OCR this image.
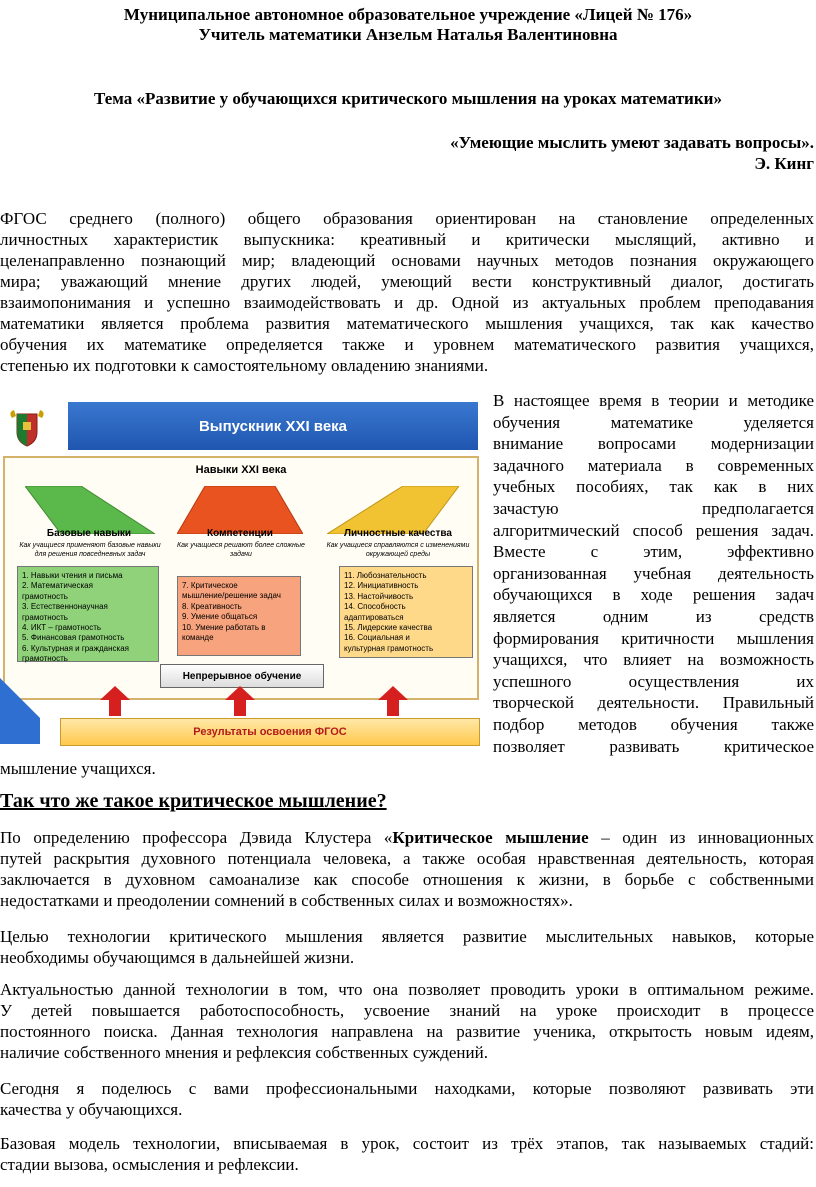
Муниципальное автономное образовательное учреждение «Лицей № 176»
Учитель математики Анзельм Наталья Валентиновна
Тема «Развитие у обучающихся критического мышления на уроках математики»
«Умеющие мыслить умеют задавать вопросы».
Э. Кинг
ФГОС среднего (полного) общего образования ориентирован на становление определенных
личностных характеристик выпускника: креативный и критически мыслящий, активно и
целенаправленно познающий мир; владеющий основами научных методов познания окружающего
мира; уважающий мнение других людей, умеющий вести конструктивный диалог, достигать
взаимопонимания и успешно взаимодействовать и др. Одной из актуальных проблем преподавания
математики является проблема развития математического мышления учащихся, так как качество
обучения их математике определяется также и уровнем математического развития учащихся,
степенью их подготовки к самостоятельному овладению знаниями.
Выпускник XXI века
Навыки XXI века
Базовые навыки
Как учащиеся применяют базовые навыки для решения повседневных задач
Компетенции
Как учащиеся решают более сложные задачи
Личностные качества
Как учащиеся справляются с изменениями окружающей среды
1. Навыки чтения и письма
2. Математическая
грамотность
3. Естественнонаучная
грамотность
4. ИКТ – грамотность
5. Финансовая грамотность
6. Культурная и гражданская
грамотность
7. Критическое
мышление/решение задач
8. Креативность
9. Умение общаться
10. Умение работать в
команде
11. Любознательность
12. Инициативность
13. Настойчивость
14. Способность
адаптироваться
15. Лидерские качества
16. Социальная и
культурная грамотность
Непрерывное обучение
Результаты освоения ФГОС
В настоящее время в теории и методике
обучения математике уделяется
внимание вопросами модернизации
задачного материала в современных
учебных пособиях, так как в них
зачастую предполагается
алгоритмический способ решения задач.
Вместе с этим, эффективно
организованная учебная деятельность
обучающихся в ходе решения задач
является одним из средств
формирования критичности мышления
учащихся, что влияет на возможность
успешного осуществления их
творческой деятельности. Правильный
подбор методов обучения также
позволяет развивать критическое
мышление учащихся.
Так что же такое критическое мышление?
По определению профессора Дэвида Клустера «Критическое мышление – один из инновационных
путей раскрытия духовного потенциала человека, а также особая нравственная деятельность, которая
заключается в духовном самоанализе как способе отношения к жизни, в борьбе с собственными
недостатками и преодолении сомнений в собственных силах и возможностях».
Целью технологии критического мышления является развитие мыслительных навыков, которые
необходимы обучающимся в дальнейшей жизни.
Актуальностью данной технологии в том, что она позволяет проводить уроки в оптимальном режиме.
У детей повышается работоспособность, усвоение знаний на уроке происходит в процессе
постоянного поиска. Данная технология направлена на развитие ученика, открытость новым идеям,
наличие собственного мнения и рефлексия собственных суждений.
Сегодня я поделюсь с вами профессиональными находками, которые позволяют развивать эти
качества у обучающихся.
Базовая модель технологии, вписываемая в урок, состоит из трёх этапов, так называемых стадий:
стадии вызова, осмысления и рефлексии.
